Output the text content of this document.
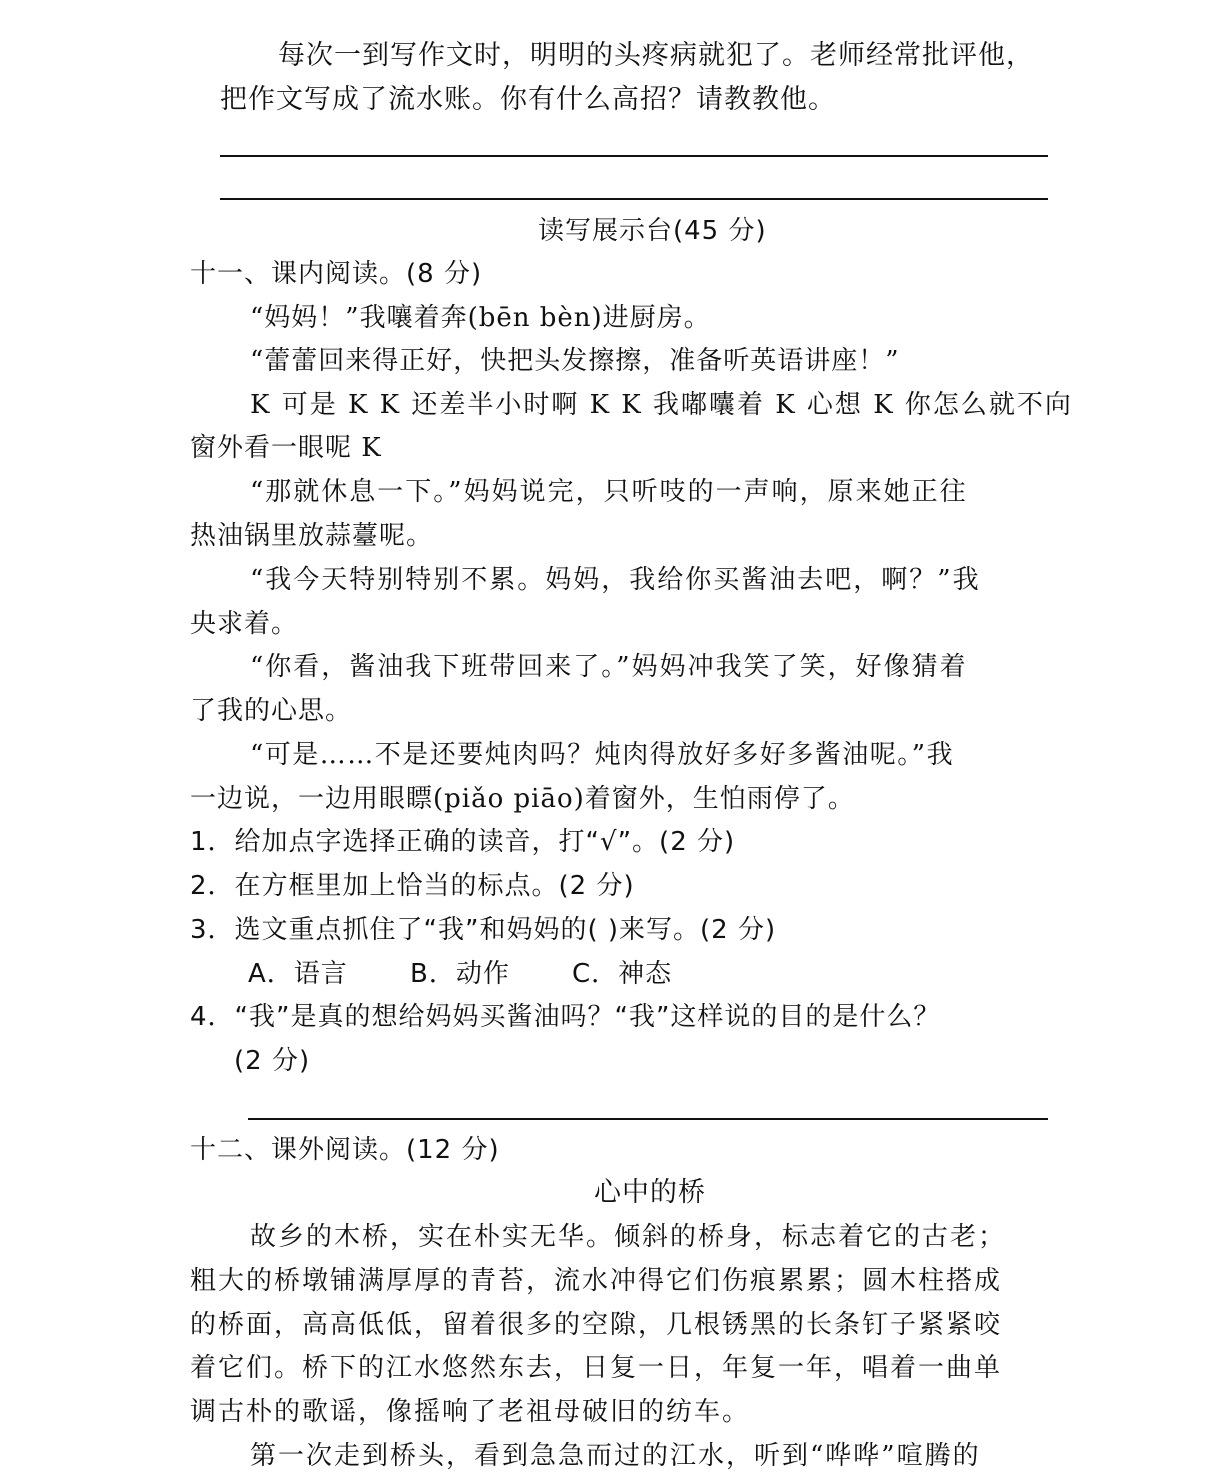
每次一到写作文时，明明的头疼病就犯了。老师经常批评他，
把作文写成了流水账。你有什么高招？请教教他。
读写展示台(45 分)
十一、课内阅读。(8 分)
“妈妈！”我嚷着奔(bēn bèn)进厨房。
“蕾蕾回来得正好，快把头发擦擦，准备听英语讲座！”
K 可是 K K 还差半小时啊 K K 我嘟囔着 K 心想 K 你怎么就不向
窗外看一眼呢 K
“那就休息一下。”妈妈说完，只听吱的一声响，原来她正往
热油锅里放蒜薹呢。
“我今天特别特别不累。妈妈，我给你买酱油去吧，啊？”我
央求着。
“你看，酱油我下班带回来了。”妈妈冲我笑了笑，好像猜着
了我的心思。
“可是……不是还要炖肉吗？炖肉得放好多好多酱油呢。”我
一边说，一边用眼瞟(piǎo piāo)着窗外，生怕雨停了。
1．给加点字选择正确的读音，打“√”。(2 分)
2．在方框里加上恰当的标点。(2 分)
3．选文重点抓住了“我”和妈妈的( )来写。(2 分)
A．语言 B．动作 C．神态
4．“我”是真的想给妈妈买酱油吗？“我”这样说的目的是什么？
(2 分)
十二、课外阅读。(12 分)
心中的桥
故乡的木桥，实在朴实无华。倾斜的桥身，标志着它的古老；
粗大的桥墩铺满厚厚的青苔，流水冲得它们伤痕累累；圆木柱搭成
的桥面，高高低低，留着很多的空隙，几根锈黑的长条钉子紧紧咬
着它们。桥下的江水悠然东去，日复一日，年复一年，唱着一曲单
调古朴的歌谣，像摇响了老祖母破旧的纺车。
第一次走到桥头，看到急急而过的江水，听到“哗哗”喧腾的
